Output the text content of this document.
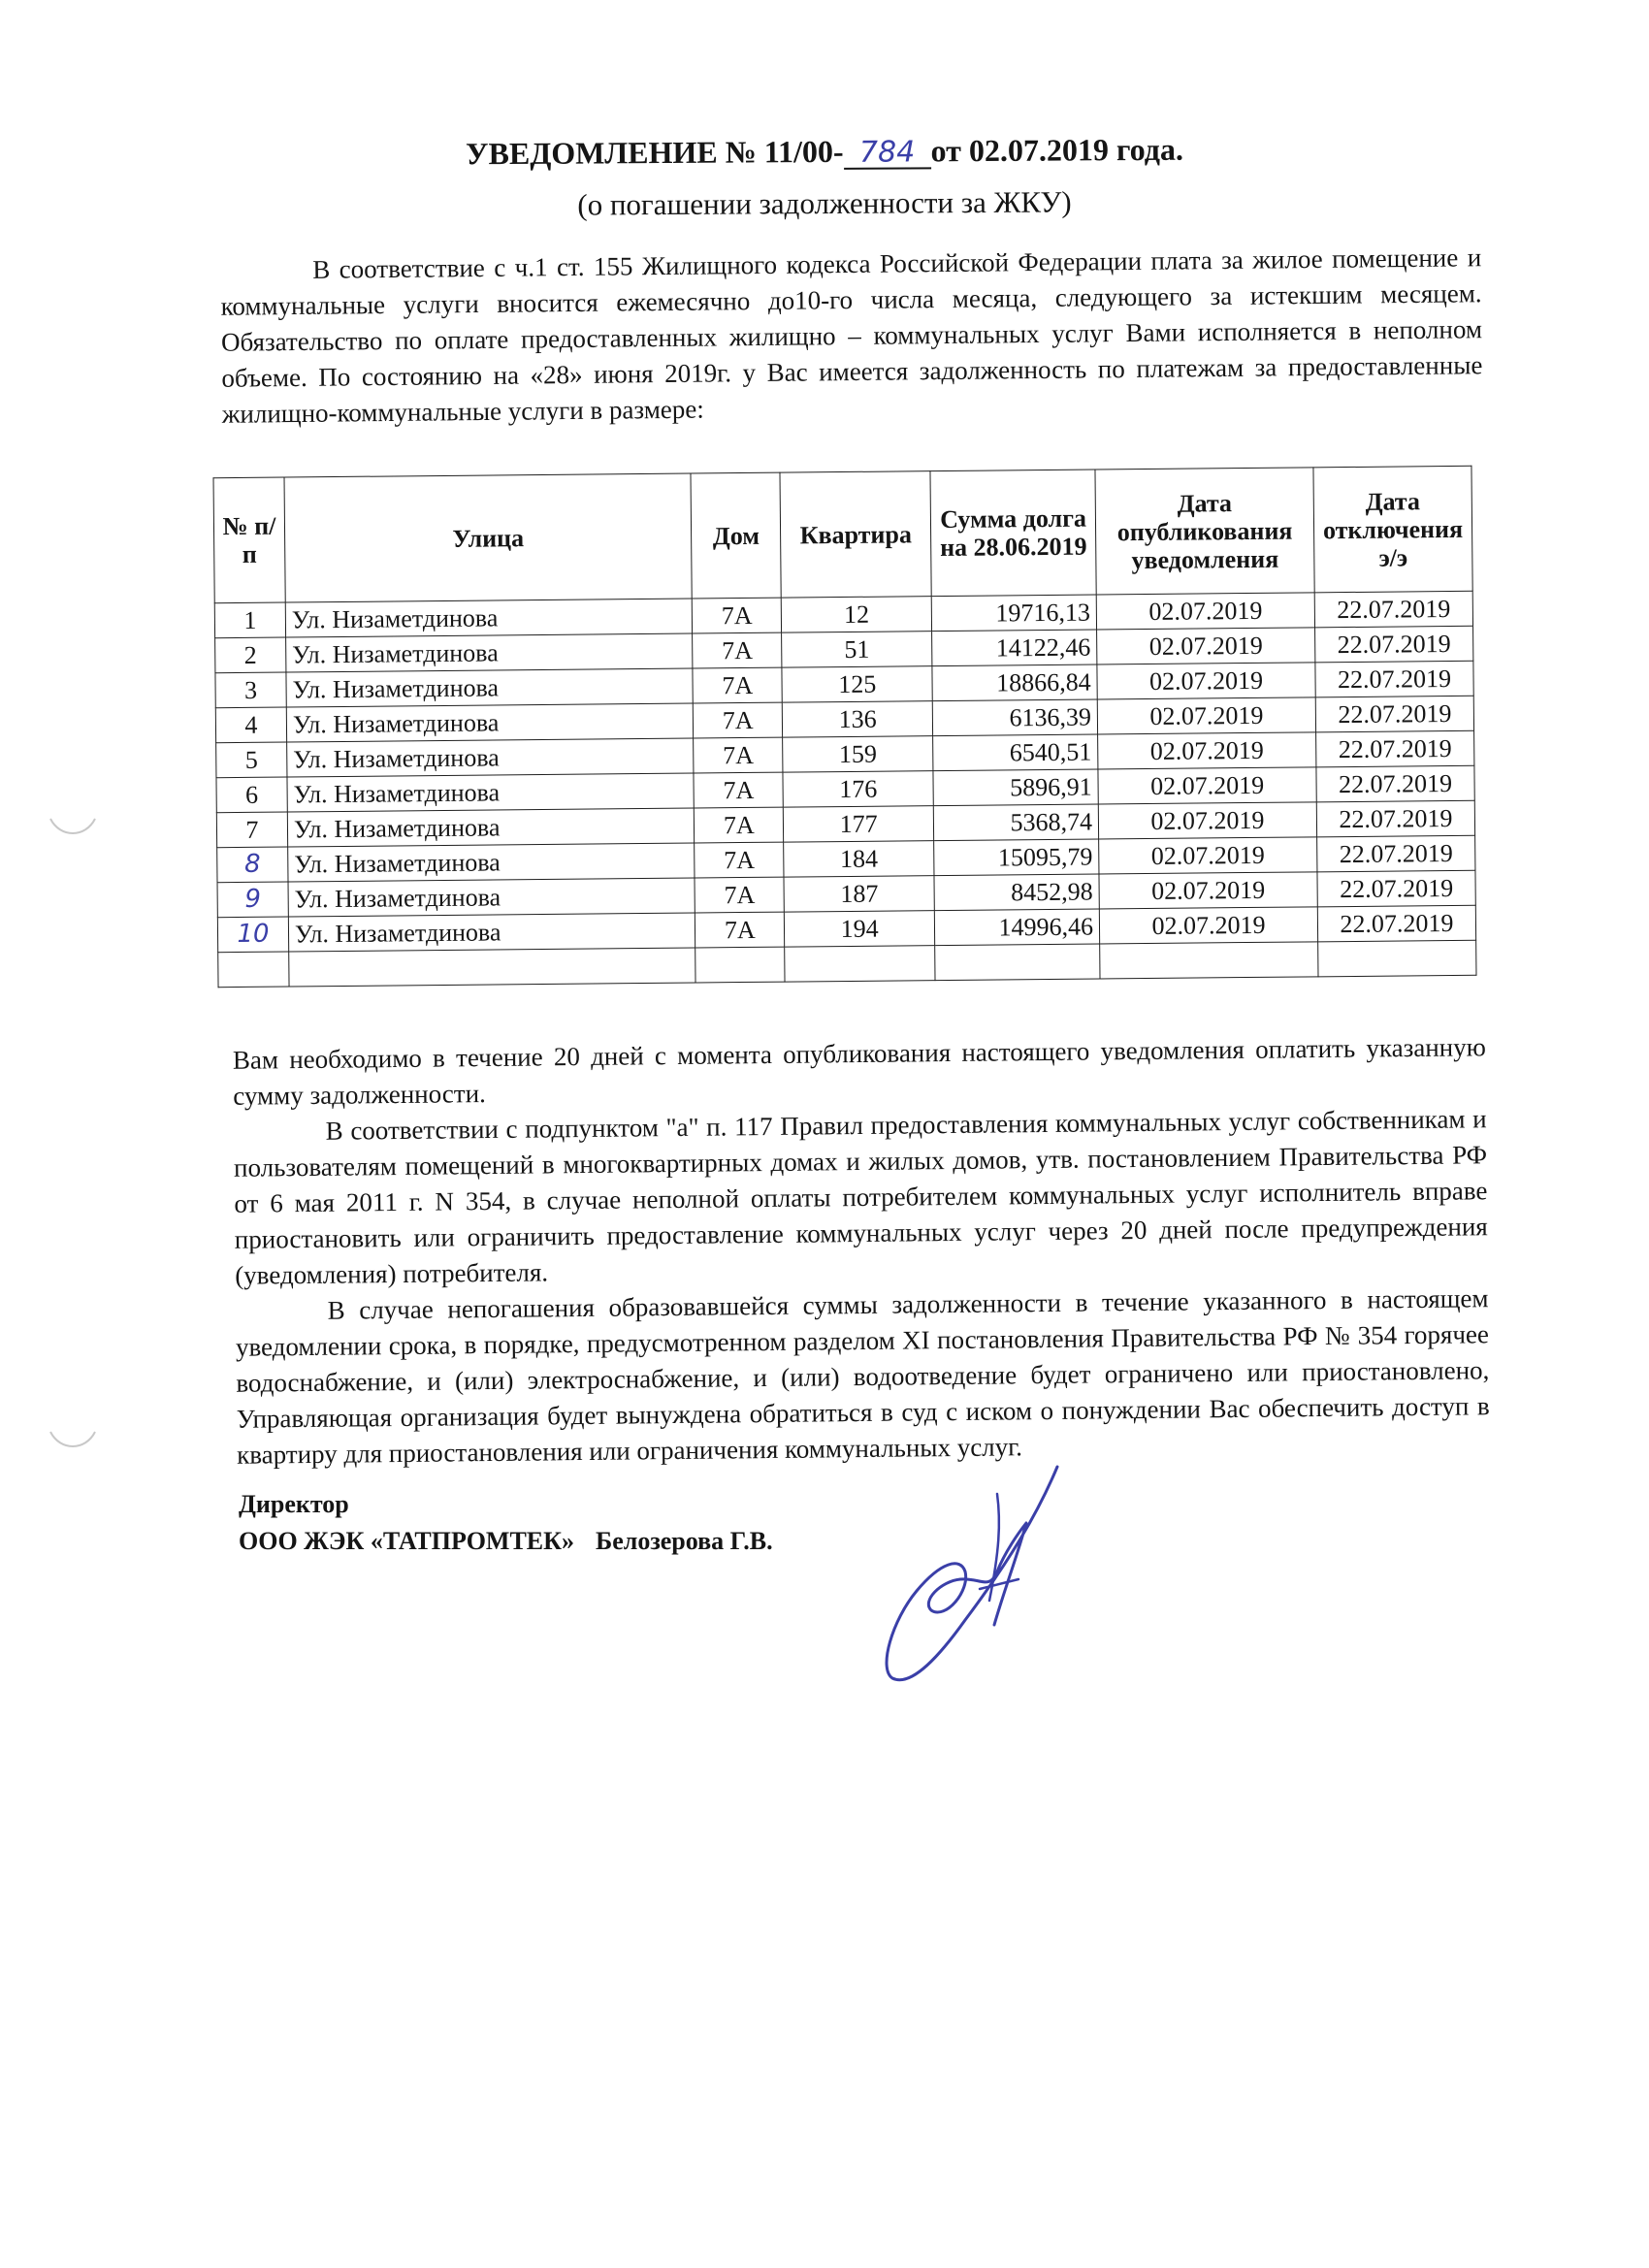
УВЕДОМЛЕНИЕ № 11/00- 784 от 02.07.2019 года.
(о погашении задолженности за ЖКУ)
В соответствие с ч.1 ст. 155 Жилищного кодекса Российской Федерации плата за жилое помещение и коммунальные услуги вносится ежемесячно до10-го числа месяца, следующего за истекшим месяцем. Обязательство по оплате предоставленных жилищно – коммунальных услуг Вами исполняется в неполном объеме. По состоянию на «28» июня 2019г. у Вас имеется задолженность по платежам за предоставленные жилищно-коммунальные услуги в размере:
№ п/п	Улица	Дом	Квартира	Сумма долга на 28.06.2019	Дата опубликования уведомления	Дата отключения э/э
1	Ул. Низаметдинова	7А	12	19716,13	02.07.2019	22.07.2019
2	Ул. Низаметдинова	7А	51	14122,46	02.07.2019	22.07.2019
3	Ул. Низаметдинова	7А	125	18866,84	02.07.2019	22.07.2019
4	Ул. Низаметдинова	7А	136	6136,39	02.07.2019	22.07.2019
5	Ул. Низаметдинова	7А	159	6540,51	02.07.2019	22.07.2019
6	Ул. Низаметдинова	7А	176	5896,91	02.07.2019	22.07.2019
7	Ул. Низаметдинова	7А	177	5368,74	02.07.2019	22.07.2019
8	Ул. Низаметдинова	7А	184	15095,79	02.07.2019	22.07.2019
9	Ул. Низаметдинова	7А	187	8452,98	02.07.2019	22.07.2019
10	Ул. Низаметдинова	7А	194	14996,46	02.07.2019	22.07.2019

Вам необходимо в течение 20 дней с момента опубликования настоящего уведомления оплатить указанную сумму задолженности.
В соответствии с подпунктом "а" п. 117 Правил предоставления коммунальных услуг собственникам и пользователям помещений в многоквартирных домах и жилых домов, утв. постановлением Правительства РФ от 6 мая 2011 г. N 354, в случае неполной оплаты потребителем коммунальных услуг исполнитель вправе приостановить или ограничить предоставление коммунальных услуг через 20 дней после предупреждения (уведомления) потребителя.
В случае непогашения образовавшейся суммы задолженности в течение указанного в настоящем уведомлении срока, в порядке, предусмотренном разделом XI постановления Правительства РФ № 354 горячее водоснабжение, и (или) электроснабжение, и (или) водоотведение будет ограничено или приостановлено, Управляющая организация будет вынуждена обратиться в суд с иском о понуждении Вас обеспечить доступ в квартиру для приостановления или ограничения коммунальных услуг.
Директор
ООО ЖЭК «ТАТПРОМТЕК» Белозерова Г.В.
